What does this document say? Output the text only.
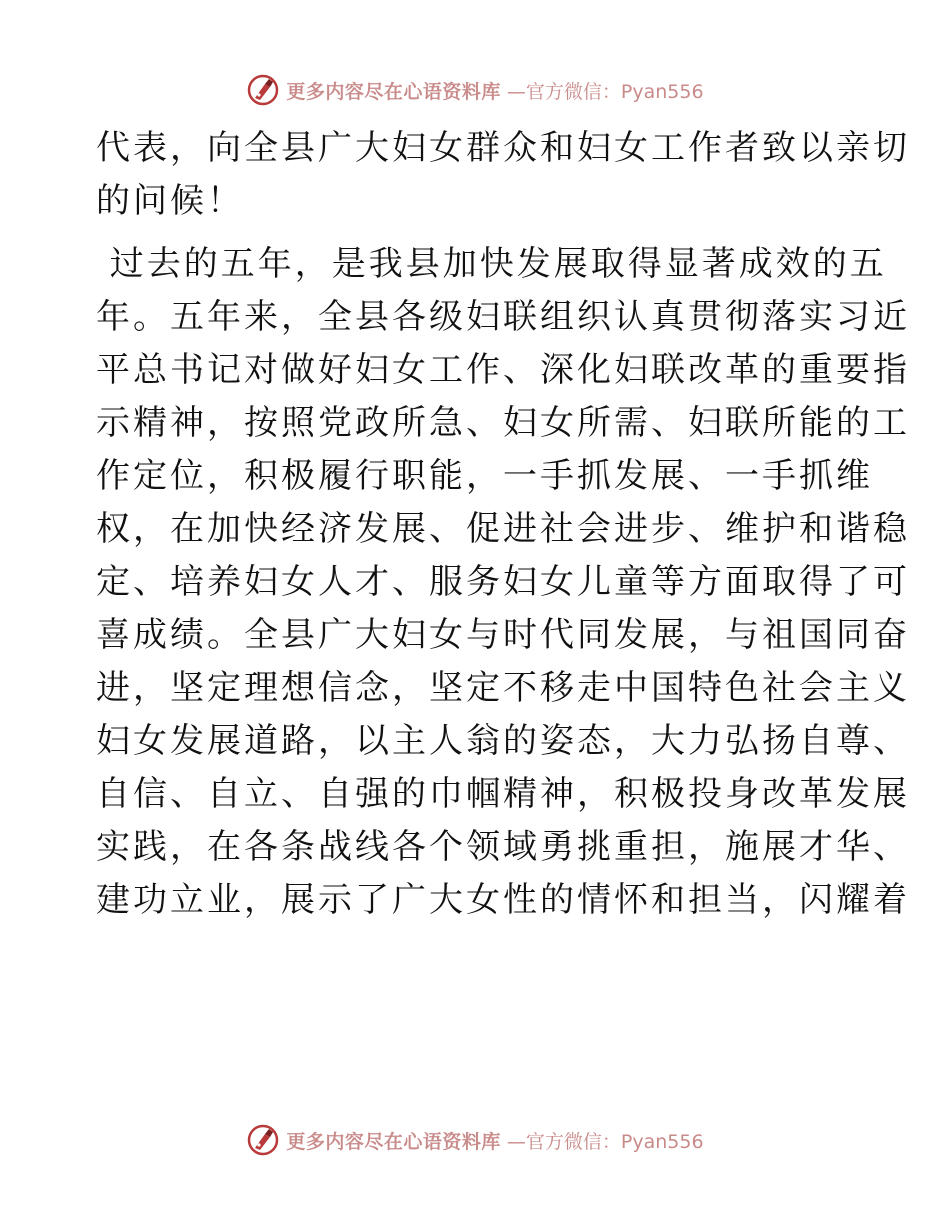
更多内容尽在心语资料库 —官方微信：Pyan556
代表，向全县广大妇女群众和妇女工作者致以亲切
的问候！
过去的五年，是我县加快发展取得显著成效的五
年。五年来，全县各级妇联组织认真贯彻落实习近
平总书记对做好妇女工作、深化妇联改革的重要指
示精神，按照党政所急、妇女所需、妇联所能的工
作定位，积极履行职能，一手抓发展、一手抓维
权，在加快经济发展、促进社会进步、维护和谐稳
定、培养妇女人才、服务妇女儿童等方面取得了可
喜成绩。全县广大妇女与时代同发展，与祖国同奋
进，坚定理想信念，坚定不移走中国特色社会主义
妇女发展道路，以主人翁的姿态，大力弘扬自尊、
自信、自立、自强的巾帼精神，积极投身改革发展
实践，在各条战线各个领域勇挑重担，施展才华、
建功立业，展示了广大女性的情怀和担当，闪耀着
更多内容尽在心语资料库 —官方微信：Pyan556
